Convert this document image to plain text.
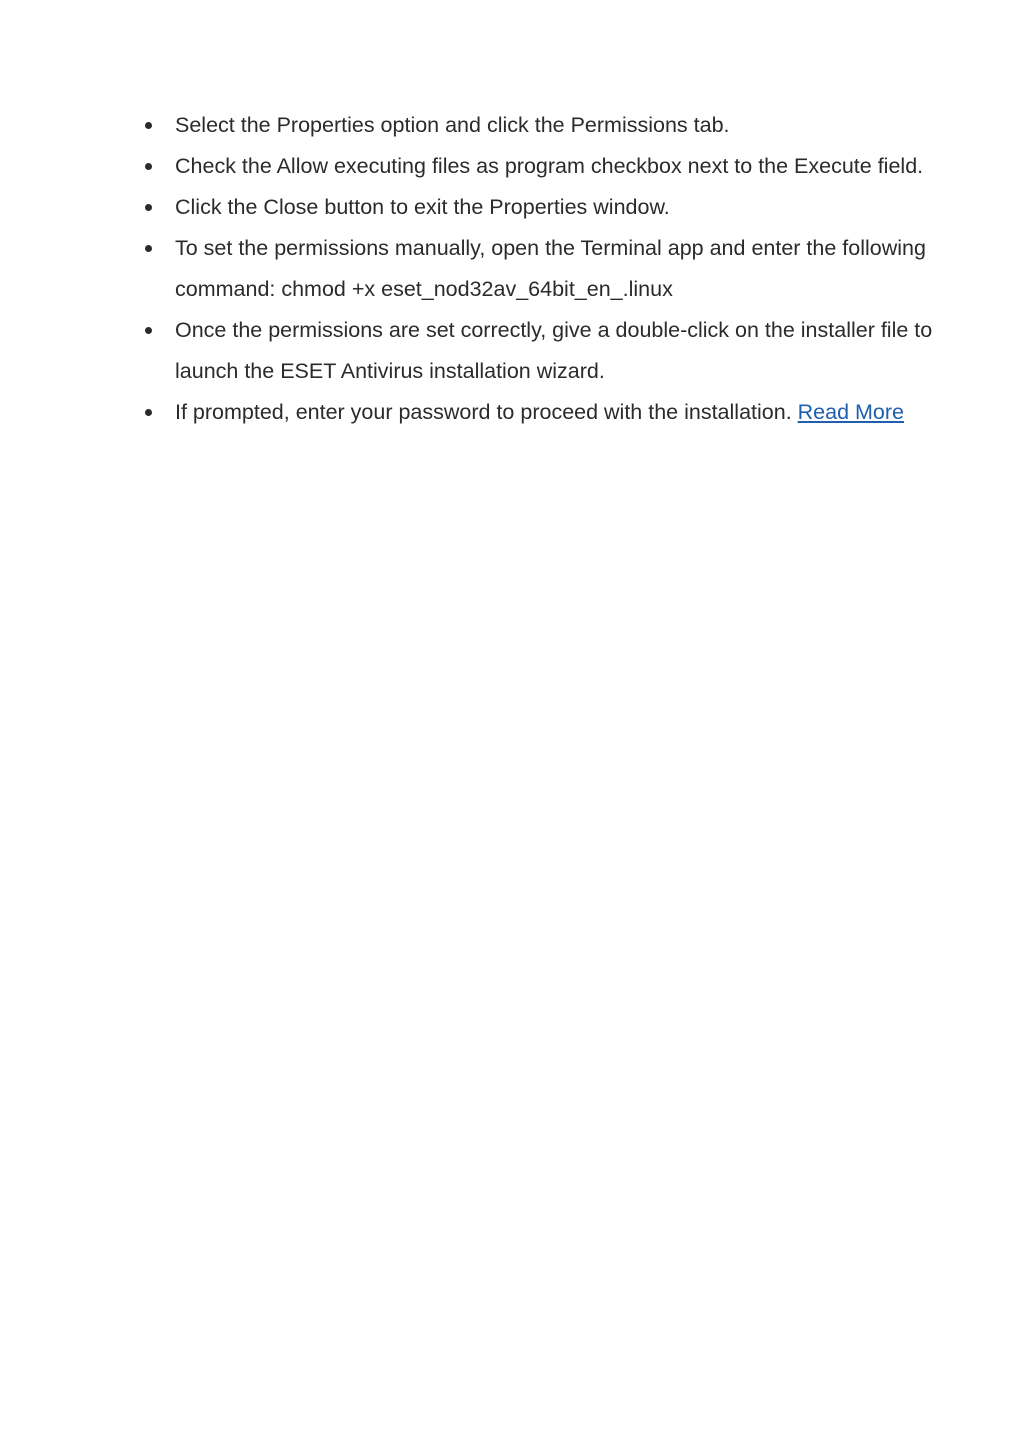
Select the Properties option and click the Permissions tab.
Check the Allow executing files as program checkbox next to the Execute field.
Click the Close button to exit the Properties window.
To set the permissions manually, open the Terminal app and enter the following command: chmod +x eset_nod32av_64bit_en_.linux
Once the permissions are set correctly, give a double-click on the installer file to launch the ESET Antivirus installation wizard.
If prompted, enter your password to proceed with the installation. Read More
